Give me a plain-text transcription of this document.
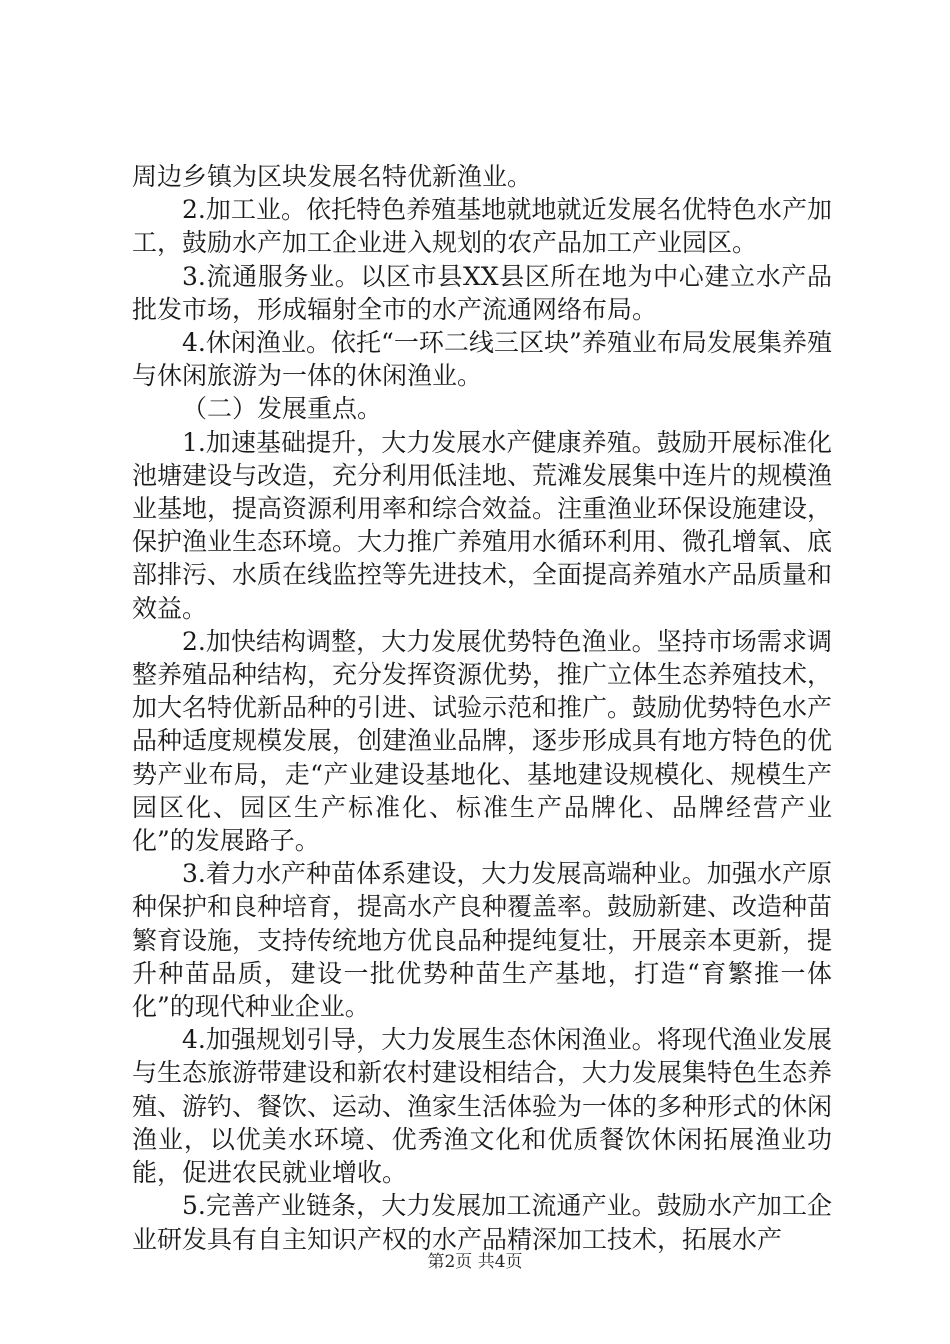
周边乡镇为区块发展名特优新渔业。

2.加工业。依托特色养殖基地就地就近发展名优特色水产加工，鼓励水产加工企业进入规划的农产品加工产业园区。

3.流通服务业。以区市县XX县区所在地为中心建立水产品批发市场，形成辐射全市的水产流通网络布局。

4.休闲渔业。依托“一环二线三区块”养殖业布局发展集养殖与休闲旅游为一体的休闲渔业。

（二）发展重点。

1.加速基础提升，大力发展水产健康养殖。鼓励开展标准化池塘建设与改造，充分利用低洼地、荒滩发展集中连片的规模渔业基地，提高资源利用率和综合效益。注重渔业环保设施建设，保护渔业生态环境。大力推广养殖用水循环利用、微孔增氧、底部排污、水质在线监控等先进技术，全面提高养殖水产品质量和效益。

2.加快结构调整，大力发展优势特色渔业。坚持市场需求调整养殖品种结构，充分发挥资源优势，推广立体生态养殖技术，加大名特优新品种的引进、试验示范和推广。鼓励优势特色水产品种适度规模发展，创建渔业品牌，逐步形成具有地方特色的优势产业布局，走“产业建设基地化、基地建设规模化、规模生产园区化、园区生产标准化、标准生产品牌化、品牌经营产业化”的发展路子。

3.着力水产种苗体系建设，大力发展高端种业。加强水产原种保护和良种培育，提高水产良种覆盖率。鼓励新建、改造种苗繁育设施，支持传统地方优良品种提纯复壮，开展亲本更新，提升种苗品质，建设一批优势种苗生产基地，打造“育繁推一体化”的现代种业企业。

4.加强规划引导，大力发展生态休闲渔业。将现代渔业发展与生态旅游带建设和新农村建设相结合，大力发展集特色生态养殖、游钓、餐饮、运动、渔家生活体验为一体的多种形式的休闲渔业，以优美水环境、优秀渔文化和优质餐饮休闲拓展渔业功能，促进农民就业增收。

5.完善产业链条，大力发展加工流通产业。鼓励水产加工企业研发具有自主知识产权的水产品精深加工技术，拓展水产

第2页 共4页
